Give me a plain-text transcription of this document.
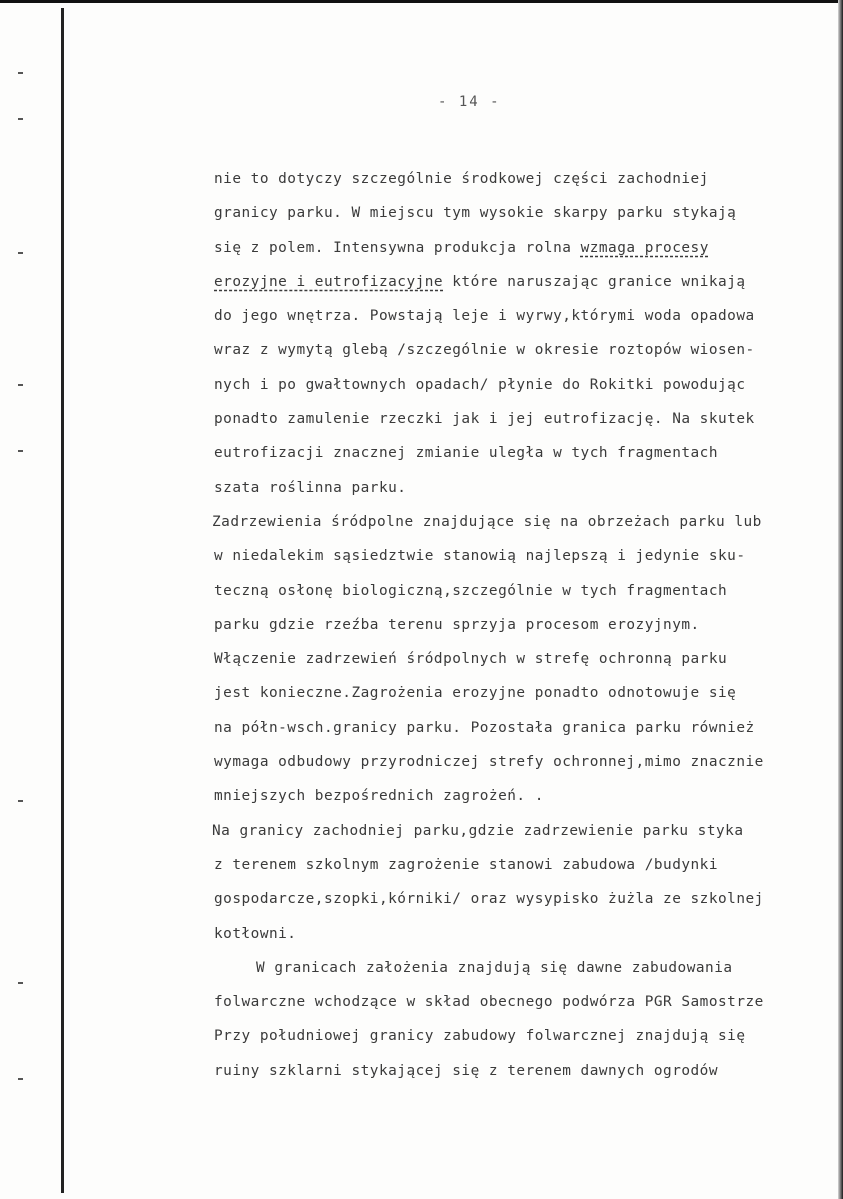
- 14 -
nie to dotyczy szczególnie środkowej części zachodniej
granicy parku. W miejscu tym wysokie skarpy parku stykają
się z polem. Intensywna produkcja rolna wzmaga procesy
erozyjne i eutrofizacyjne które naruszając granice wnikają
do jego wnętrza. Powstają leje i wyrwy,którymi woda opadowa
wraz z wymytą glebą /szczególnie w okresie roztopów wiosen-
nych i po gwałtownych opadach/ płynie do Rokitki powodując
ponadto zamulenie rzeczki jak i jej eutrofizację. Na skutek
eutrofizacji znacznej zmianie uległa w tych fragmentach
szata roślinna parku.
Zadrzewienia śródpolne znajdujące się na obrzeżach parku lub
w niedalekim sąsiedztwie stanowią najlepszą i jedynie sku-
teczną osłonę biologiczną,szczególnie w tych fragmentach
parku gdzie rzeźba terenu sprzyja procesom erozyjnym.
Włączenie zadrzewień śródpolnych w strefę ochronną parku
jest konieczne.Zagrożenia erozyjne ponadto odnotowuje się
na półn-wsch.granicy parku. Pozostała granica parku również
wymaga odbudowy przyrodniczej strefy ochronnej,mimo znacznie
mniejszych bezpośrednich zagrożeń. .
Na granicy zachodniej parku,gdzie zadrzewienie parku styka
z terenem szkolnym zagrożenie stanowi zabudowa /budynki
gospodarcze,szopki,kórniki/ oraz wysypisko żużla ze szkolnej
kotłowni.
W granicach założenia znajdują się dawne zabudowania
folwarczne wchodzące w skład obecnego podwórza PGR Samostrze
Przy południowej granicy zabudowy folwarcznej znajdują się
ruiny szklarni stykającej się z terenem dawnych ogrodów
